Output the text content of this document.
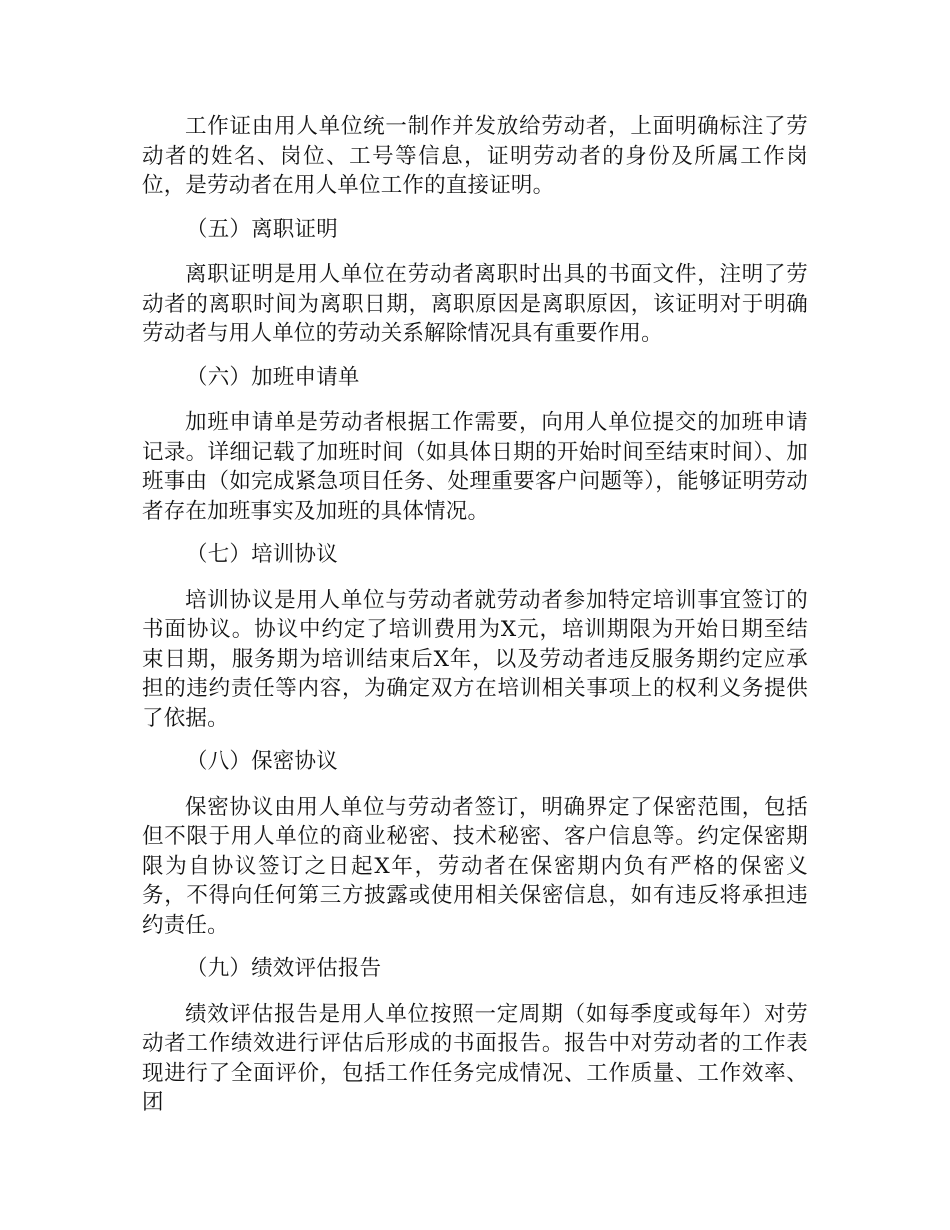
工作证由用人单位统一制作并发放给劳动者，上面明确标注了劳动者的姓名、岗位、工号等信息，证明劳动者的身份及所属工作岗位，是劳动者在用人单位工作的直接证明。

（五）离职证明

离职证明是用人单位在劳动者离职时出具的书面文件，注明了劳动者的离职时间为离职日期，离职原因是离职原因，该证明对于明确劳动者与用人单位的劳动关系解除情况具有重要作用。

（六）加班申请单

加班申请单是劳动者根据工作需要，向用人单位提交的加班申请记录。详细记载了加班时间（如具体日期的开始时间至结束时间）、加班事由（如完成紧急项目任务、处理重要客户问题等），能够证明劳动者存在加班事实及加班的具体情况。

（七）培训协议

培训协议是用人单位与劳动者就劳动者参加特定培训事宜签订的书面协议。协议中约定了培训费用为X元，培训期限为开始日期至结束日期，服务期为培训结束后X年，以及劳动者违反服务期约定应承担的违约责任等内容，为确定双方在培训相关事项上的权利义务提供了依据。

（八）保密协议

保密协议由用人单位与劳动者签订，明确界定了保密范围，包括但不限于用人单位的商业秘密、技术秘密、客户信息等。约定保密期限为自协议签订之日起X年，劳动者在保密期内负有严格的保密义务，不得向任何第三方披露或使用相关保密信息，如有违反将承担违约责任。

（九）绩效评估报告

绩效评估报告是用人单位按照一定周期（如每季度或每年）对劳动者工作绩效进行评估后形成的书面报告。报告中对劳动者的工作表现进行了全面评价，包括工作任务完成情况、工作质量、工作效率、团
